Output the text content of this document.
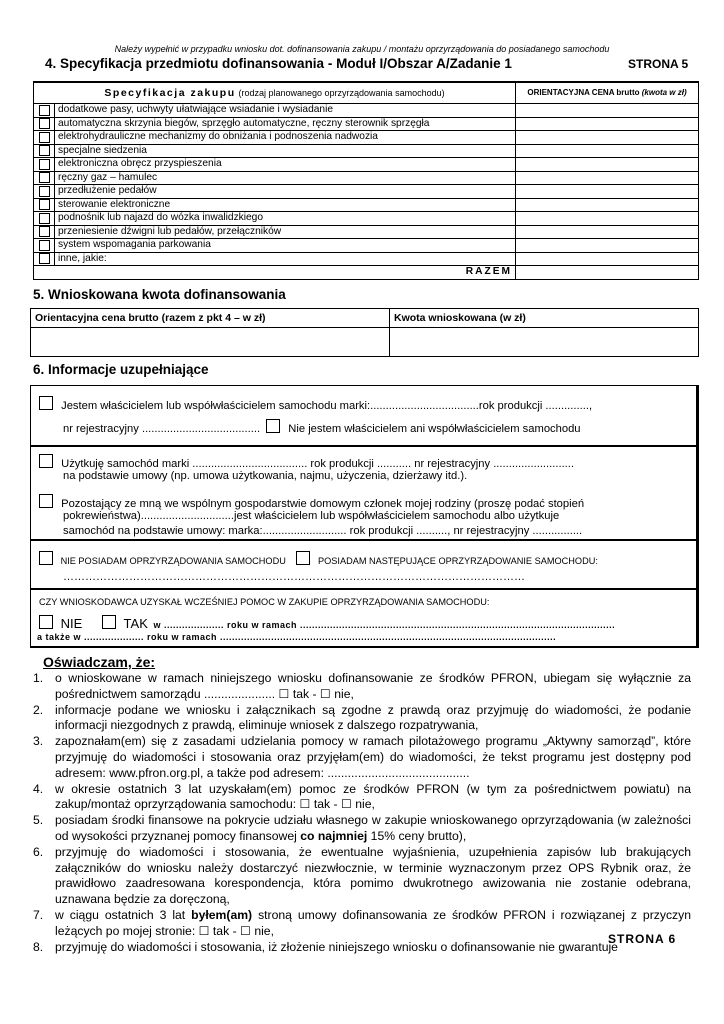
Należy wypełnić w przypadku wniosku dot. dofinansowania zakupu / montażu oprzyrządowania do posiadanego samochodu
4. Specyfikacja przedmiotu dofinansowania - Moduł I/Obszar A/Zadanie 1	STRONA 5
Specyfikacja zakupu (rodzaj planowanego oprzyrządowania samochodu)		ORIENTACYJNA CENA brutto (kwota w zł)
	dodatkowe pasy, uchwyty ułatwiające wsiadanie i wysiadanie	
	automatyczna skrzynia biegów, sprzęgło automatyczne, ręczny sterownik sprzęgła	
	elektrohydrauliczne mechanizmy do obniżania i podnoszenia nadwozia	
	specjalne siedzenia	
	elektroniczna obręcz przyspieszenia	
	ręczny gaz – hamulec	
	przedłużenie pedałów	
	sterowanie elektroniczne	
	podnośnik lub najazd do wózka inwalidzkiego	
	przeniesienie dźwigni lub pedałów, przełączników	
	system wspomagania parkowania	
	inne, jakie:	
RAZEM		
5. Wnioskowana kwota dofinansowania
Orientacyjna cena brutto (razem z pkt 4 – w zł)	Kwota wnioskowana (w zł)

6. Informacje uzupełniające
Jestem właścicielem lub współwłaścicielem samochodu marki:...................................rok produkcji ..............,
nr rejestracyjny ......................................	Nie jestem właścicielem ani współwłaścicielem samochodu
Użytkuję samochód marki ..................................... rok produkcji ........... nr rejestracyjny ..........................
na podstawie umowy (np. umowa użytkowania, najmu, użyczenia, dzierżawy itd.).
Pozostający ze mną we wspólnym gospodarstwie domowym członek mojej rodziny (proszę podać stopień
pokrewieństwa)..............................jest właścicielem lub współwłaścicielem samochodu albo użytkuje
samochód na podstawie umowy: marka:........................... rok produkcji .........., nr rejestracyjny ................
NIE POSIADAM OPRZYRZĄDOWANIA SAMOCHODU	POSIADAM NASTĘPUJĄCE OPRZYRZĄDOWANIE SAMOCHODU:
………………………………………………………………………………………………………………
CZY WNIOSKODAWCA UZYSKAŁ WCZEŚNIEJ POMOC W ZAKUPIE OPRZYRZĄDOWANIA SAMOCHODU:
NIE	TAK w .................... roku w ramach .........................................................................................................
a także w .................... roku w ramach ................................................................................................................
Oświadczam, że:
1. o wnioskowane w ramach niniejszego wniosku dofinansowanie ze środków PFRON, ubiegam się wyłącznie za pośrednictwem samorządu ..................... ☐ tak - ☐ nie,
2. informacje podane we wniosku i załącznikach są zgodne z prawdą oraz przyjmuję do wiadomości, że podanie informacji niezgodnych z prawdą, eliminuje wniosek z dalszego rozpatrywania,
3. zapoznałam(em) się z zasadami udzielania pomocy w ramach pilotażowego programu „Aktywny samorząd”, które przyjmuję do wiadomości i stosowania oraz przyjęłam(em) do wiadomości, że tekst programu jest dostępny pod adresem: www.pfron.org.pl, a także pod adresem: ..........................................
4. w okresie ostatnich 3 lat uzyskałam(em) pomoc ze środków PFRON (w tym za pośrednictwem powiatu) na zakup/montaż oprzyrządowania samochodu: ☐ tak - ☐ nie,
5. posiadam środki finansowe na pokrycie udziału własnego w zakupie wnioskowanego oprzyrządowania (w zależności od wysokości przyznanej pomocy finansowej co najmniej 15% ceny brutto),
6. przyjmuję do wiadomości i stosowania, że ewentualne wyjaśnienia, uzupełnienia zapisów lub brakujących załączników do wniosku należy dostarczyć niezwłocznie, w terminie wyznaczonym przez OPS Rybnik oraz, że prawidłowo zaadresowana korespondencja, która pomimo dwukrotnego awizowania nie zostanie odebrana, uznawana będzie za doręczoną,
7. w ciągu ostatnich 3 lat byłem(am) stroną umowy dofinansowania ze środków PFRON i rozwiązanej z przyczyn leżących po mojej stronie: ☐ tak - ☐ nie,
8. przyjmuję do wiadomości i stosowania, iż złożenie niniejszego wniosku o dofinansowanie nie gwarantuje
STRONA 6
